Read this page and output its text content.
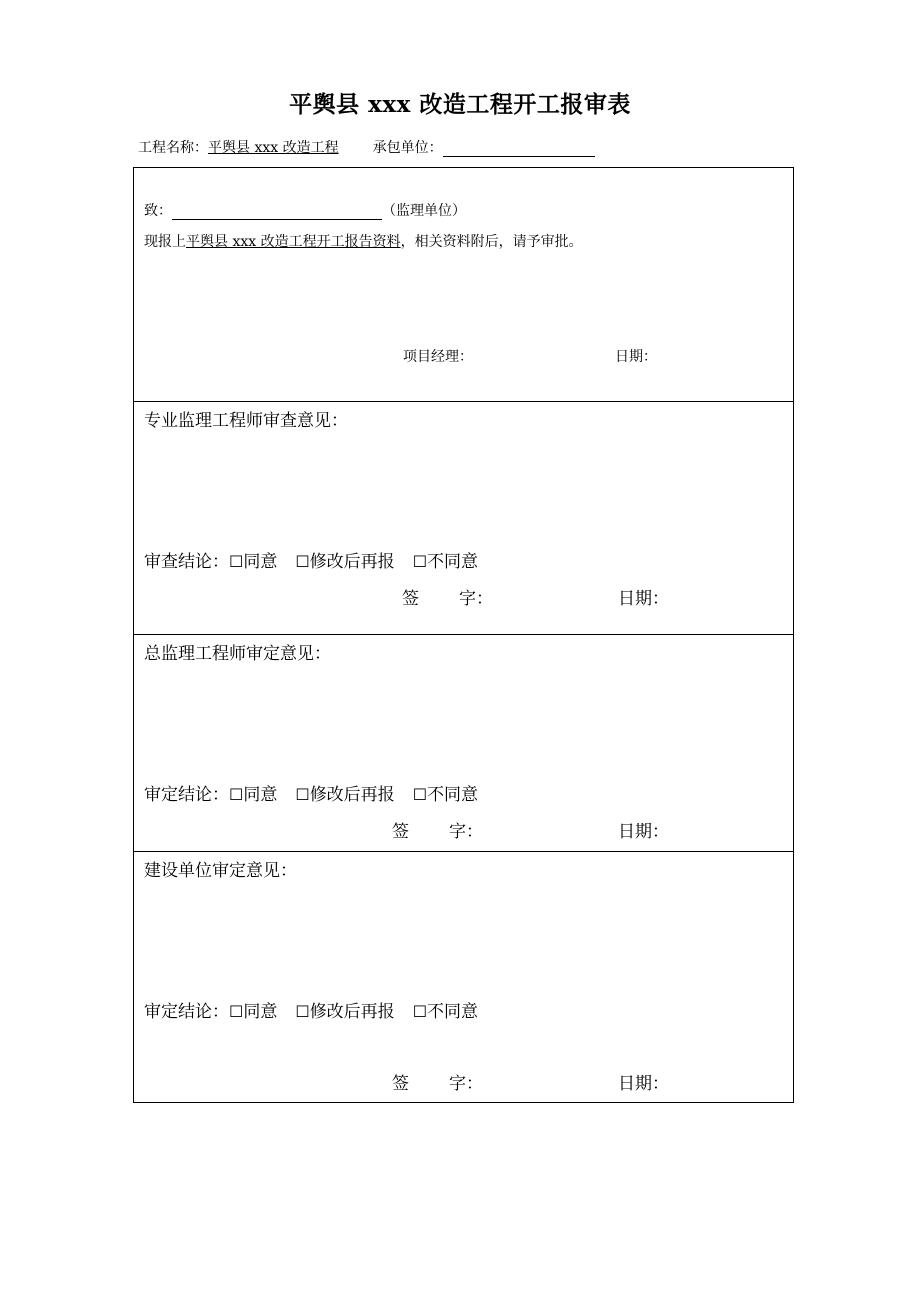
平舆县 xxx 改造工程开工报审表
工程名称：平舆县 xxx 改造工程 承包单位：
致：	（监理单位）
现报上平舆县 xxx 改造工程开工报告资料，相关资料附后，请予审批。
项目经理：	日期：
专业监理工程师审查意见：
审查结论：☐同意 ☐修改后再报 ☐不同意
签 字：	日期：
总监理工程师审定意见：
审定结论：☐同意 ☐修改后再报 ☐不同意
签 字：	日期：
建设单位审定意见：
审定结论：☐同意 ☐修改后再报 ☐不同意
签 字：	日期：
